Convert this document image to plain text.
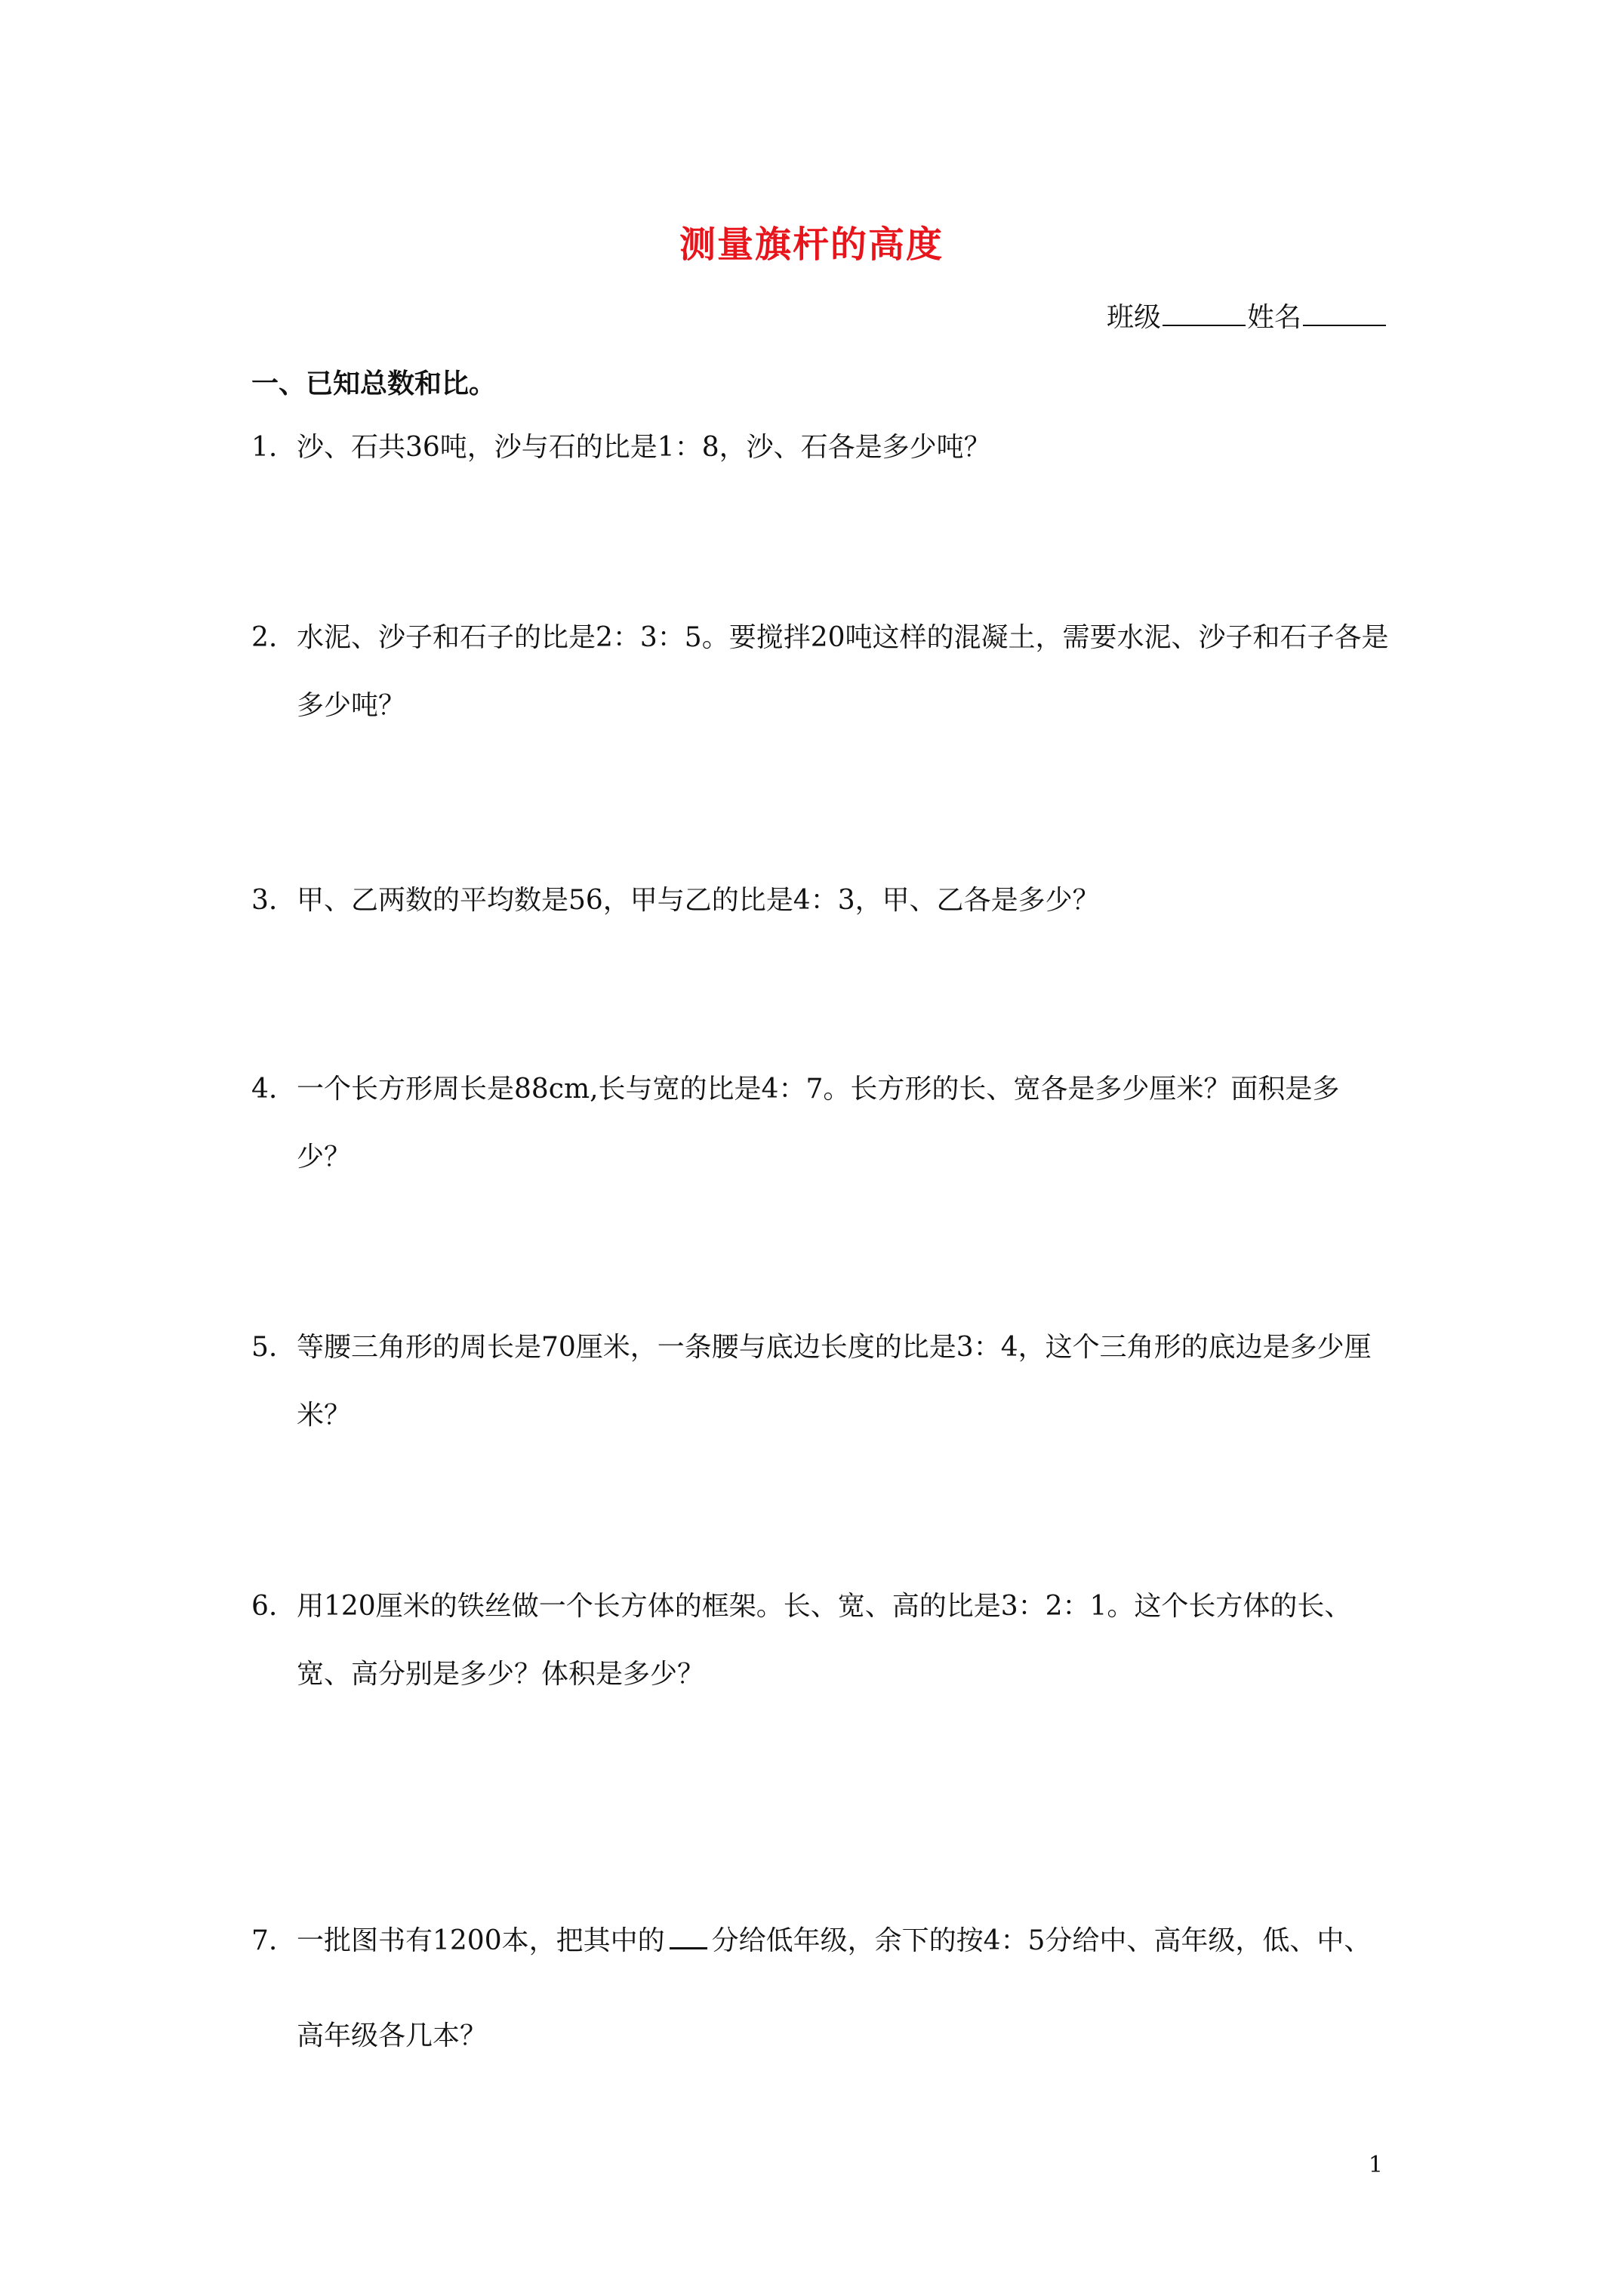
测量旗杆的高度
班级	姓名
一、已知总数和比。
1. 沙、石共36吨，沙与石的比是1：8，沙、石各是多少吨？
2. 水泥、沙子和石子的比是2：3：5。要搅拌20吨这样的混凝土，需要水泥、沙子和石子各是多少吨？
3. 甲、乙两数的平均数是56，甲与乙的比是4：3，甲、乙各是多少？
4. 一个长方形周长是88cm,长与宽的比是4：7。长方形的长、宽各是多少厘米？面积是多少？
5. 等腰三角形的周长是70厘米，一条腰与底边长度的比是3：4，这个三角形的底边是多少厘米？
6. 用120厘米的铁丝做一个长方体的框架。长、宽、高的比是3：2：1。这个长方体的长、宽、高分别是多少？体积是多少？
7. 一批图书有1200本，把其中的 分给低年级，余下的按4：5分给中、高年级，低、中、高年级各几本？
1
